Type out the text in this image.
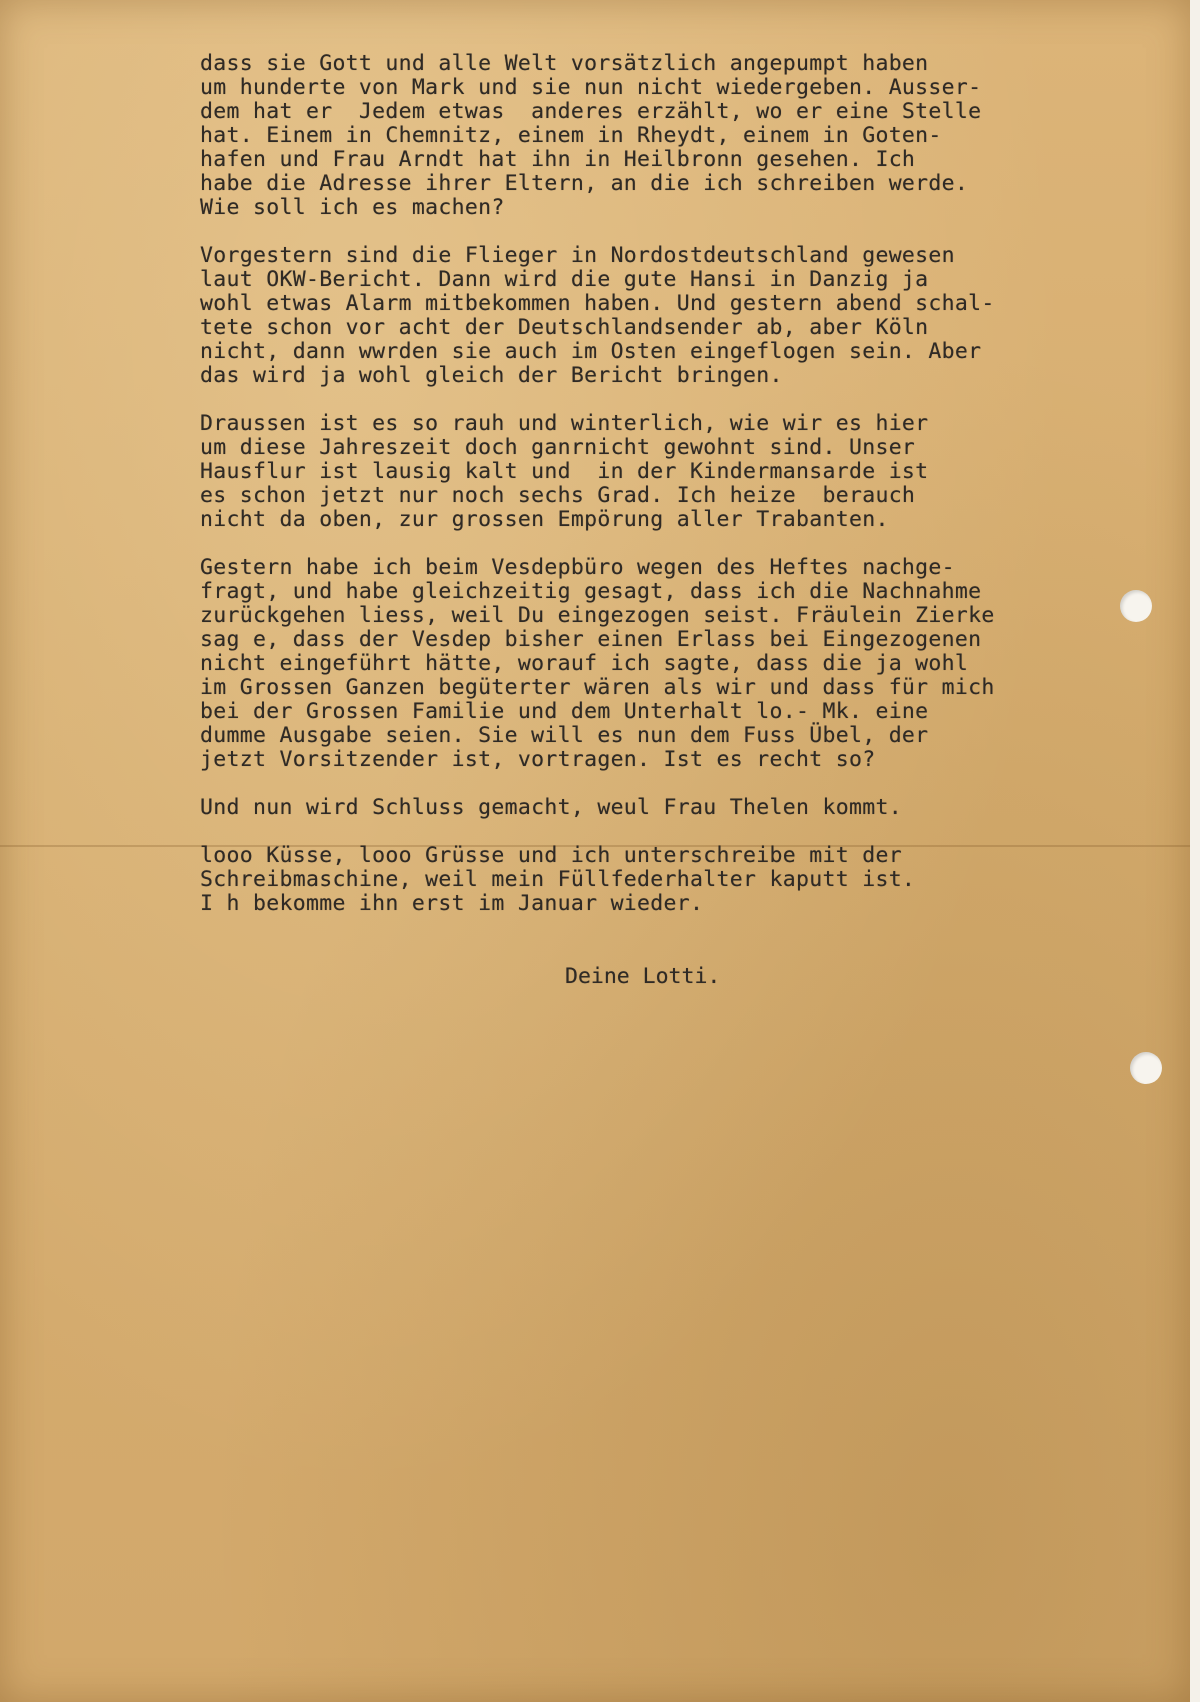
dass sie Gott und alle Welt vorsätzlich angepumpt haben
um hunderte von Mark und sie nun nicht wiedergeben. Ausser-
dem hat er  Jedem etwas  anderes erzählt, wo er eine Stelle
hat. Einem in Chemnitz, einem in Rheydt, einem in Goten-
hafen und Frau Arndt hat ihn in Heilbronn gesehen. Ich
habe die Adresse ihrer Eltern, an die ich schreiben werde.
Wie soll ich es machen?
Vorgestern sind die Flieger in Nordostdeutschland gewesen
laut OKW-Bericht. Dann wird die gute Hansi in Danzig ja
wohl etwas Alarm mitbekommen haben. Und gestern abend schal-
tete schon vor acht der Deutschlandsender ab, aber Köln
nicht, dann wwrden sie auch im Osten eingeflogen sein. Aber
das wird ja wohl gleich der Bericht bringen.
Draussen ist es so rauh und winterlich, wie wir es hier
um diese Jahreszeit doch ganrnicht gewohnt sind. Unser
Hausflur ist lausig kalt und  in der Kindermansarde ist
es schon jetzt nur noch sechs Grad. Ich heize  berauch
nicht da oben, zur grossen Empörung aller Trabanten.
Gestern habe ich beim Vesdepbüro wegen des Heftes nachge-
fragt, und habe gleichzeitig gesagt, dass ich die Nachnahme
zurückgehen liess, weil Du eingezogen seist. Fräulein Zierke
sag e, dass der Vesdep bisher einen Erlass bei Eingezogenen
nicht eingeführt hätte, worauf ich sagte, dass die ja wohl
im Grossen Ganzen begüterter wären als wir und dass für mich
bei der Grossen Familie und dem Unterhalt lo.- Mk. eine
dumme Ausgabe seien. Sie will es nun dem Fuss Übel, der
jetzt Vorsitzender ist, vortragen. Ist es recht so?
Und nun wird Schluss gemacht, weul Frau Thelen kommt.
looo Küsse, looo Grüsse und ich unterschreibe mit der
Schreibmaschine, weil mein Füllfederhalter kaputt ist.
I h bekomme ihn erst im Januar wieder.
Deine Lotti.
